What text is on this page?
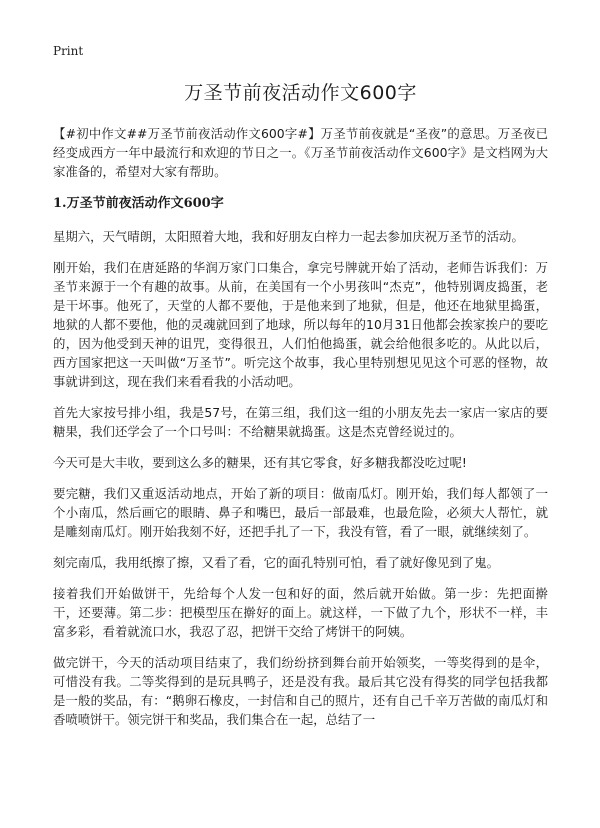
Print
万圣节前夜活动作文600字

【#初中作文##万圣节前夜活动作文600字#】万圣节前夜就是“圣夜”的意思。万圣夜已经变成西方一年中最流行和欢迎的节日之一。《万圣节前夜活动作文600字》是文档网为大家准备的，希望对大家有帮助。

1.万圣节前夜活动作文600字

星期六，天气晴朗，太阳照着大地，我和好朋友白梓力一起去参加庆祝万圣节的活动。

刚开始，我们在唐延路的华润万家门口集合，拿完号牌就开始了活动，老师告诉我们：万圣节来源于一个有趣的故事。从前，在美国有一个小男孩叫“杰克”，他特别调皮捣蛋，老是干坏事。他死了，天堂的人都不要他，于是他来到了地狱，但是，他还在地狱里捣蛋，地狱的人都不要他，他的灵魂就回到了地球，所以每年的10月31日他都会挨家挨户的要吃的，因为他受到天神的诅咒，变得很丑，人们怕他捣蛋，就会给他很多吃的。从此以后，西方国家把这一天叫做“万圣节”。听完这个故事，我心里特别想见见这个可恶的怪物，故事就讲到这，现在我们来看看我的小活动吧。

首先大家按号排小组，我是57号，在第三组，我们这一组的小朋友先去一家店一家店的要糖果，我们还学会了一个口号叫：不给糖果就捣蛋。这是杰克曾经说过的。

今天可是大丰收，要到这么多的糖果，还有其它零食，好多糖我都没吃过呢!

要完糖，我们又重返活动地点，开始了新的项目：做南瓜灯。刚开始，我们每人都领了一个小南瓜，然后画它的眼睛、鼻子和嘴巴，最后一部最难，也最危险，必须大人帮忙，就是雕刻南瓜灯。刚开始我刻不好，还把手扎了一下，我没有管，看了一眼，就继续刻了。

刻完南瓜，我用纸擦了擦，又看了看，它的面孔特别可怕，看了就好像见到了鬼。

接着我们开始做饼干，先给每个人发一包和好的面，然后就开始做。第一步：先把面擀干，还要薄。第二步：把模型压在擀好的面上。就这样，一下做了九个，形状不一样，丰富多彩，看着就流口水，我忍了忍，把饼干交给了烤饼干的阿姨。

做完饼干，今天的活动项目结束了，我们纷纷挤到舞台前开始领奖，一等奖得到的是伞，可惜没有我。二等奖得到的是玩具鸭子，还是没有我。最后其它没有得奖的同学包括我都是一般的奖品，有：“鹅卵石橡皮，一封信和自己的照片，还有自己千辛万苦做的南瓜灯和香喷喷饼干。领完饼干和奖品，我们集合在一起，总结了一
